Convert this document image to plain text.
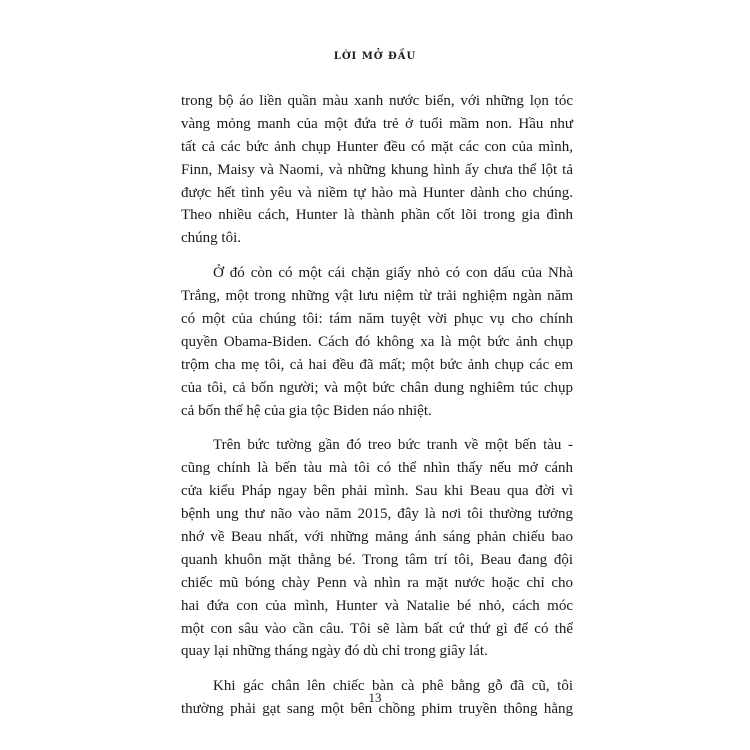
LỜI MỞ ĐẦU
trong bộ áo liền quần màu xanh nước biển, với những lọn tóc
vàng mỏng manh của một đứa trẻ ở tuổi mầm non. Hầu như
tất cả các bức ảnh chụp Hunter đều có mặt các con của mình,
Finn, Maisy và Naomi, và những khung hình ấy chưa thể lột tả
được hết tình yêu và niềm tự hào mà Hunter dành cho chúng.
Theo nhiều cách, Hunter là thành phần cốt lõi trong gia đình
chúng tôi.
Ở đó còn có một cái chặn giấy nhỏ có con dấu của Nhà
Trắng, một trong những vật lưu niệm từ trải nghiệm ngàn năm
có một của chúng tôi: tám năm tuyệt vời phục vụ cho chính
quyền Obama-Biden. Cách đó không xa là một bức ảnh chụp
trộm cha mẹ tôi, cả hai đều đã mất; một bức ảnh chụp các em
của tôi, cả bốn người; và một bức chân dung nghiêm túc chụp
cả bốn thế hệ của gia tộc Biden náo nhiệt.
Trên bức tường gần đó treo bức tranh về một bến tàu -
cũng chính là bến tàu mà tôi có thể nhìn thấy nếu mở cánh
cửa kiểu Pháp ngay bên phải mình. Sau khi Beau qua đời vì
bệnh ung thư não vào năm 2015, đây là nơi tôi thường tưởng
nhớ về Beau nhất, với những mảng ánh sáng phản chiếu bao
quanh khuôn mặt thằng bé. Trong tâm trí tôi, Beau đang đội
chiếc mũ bóng chày Penn và nhìn ra mặt nước hoặc chỉ cho
hai đứa con của mình, Hunter và Natalie bé nhỏ, cách móc
một con sâu vào cần câu. Tôi sẽ làm bất cứ thứ gì để có thể
quay lại những tháng ngày đó dù chỉ trong giây lát.
Khi gác chân lên chiếc bàn cà phê bằng gỗ đã cũ, tôi
thường phải gạt sang một bên chồng phim truyền thông hằng
13
